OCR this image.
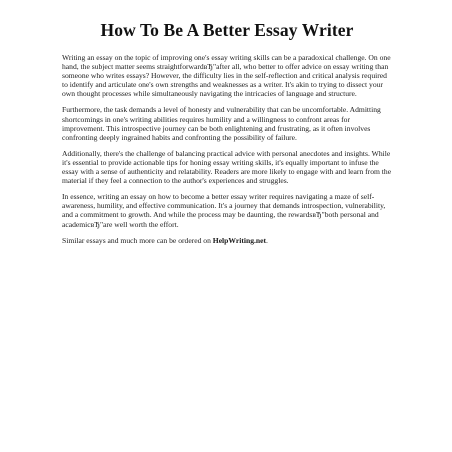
How To Be A Better Essay Writer

Writing an essay on the topic of improving one's essay writing skills can be a paradoxical challenge. On one hand, the subject matter seems straightforwardвЂ"after all, who better to offer advice on essay writing than someone who writes essays? However, the difficulty lies in the self-reflection and critical analysis required to identify and articulate one's own strengths and weaknesses as a writer. It's akin to trying to dissect your own thought processes while simultaneously navigating the intricacies of language and structure.

Furthermore, the task demands a level of honesty and vulnerability that can be uncomfortable. Admitting shortcomings in one's writing abilities requires humility and a willingness to confront areas for improvement. This introspective journey can be both enlightening and frustrating, as it often involves confronting deeply ingrained habits and confronting the possibility of failure.

Additionally, there's the challenge of balancing practical advice with personal anecdotes and insights. While it's essential to provide actionable tips for honing essay writing skills, it's equally important to infuse the essay with a sense of authenticity and relatability. Readers are more likely to engage with and learn from the material if they feel a connection to the author's experiences and struggles.

In essence, writing an essay on how to become a better essay writer requires navigating a maze of self-awareness, humility, and effective communication. It's a journey that demands introspection, vulnerability, and a commitment to growth. And while the process may be daunting, the rewardsвЂ"both personal and academicвЂ"are well worth the effort.

Similar essays and much more can be ordered on HelpWriting.net.
